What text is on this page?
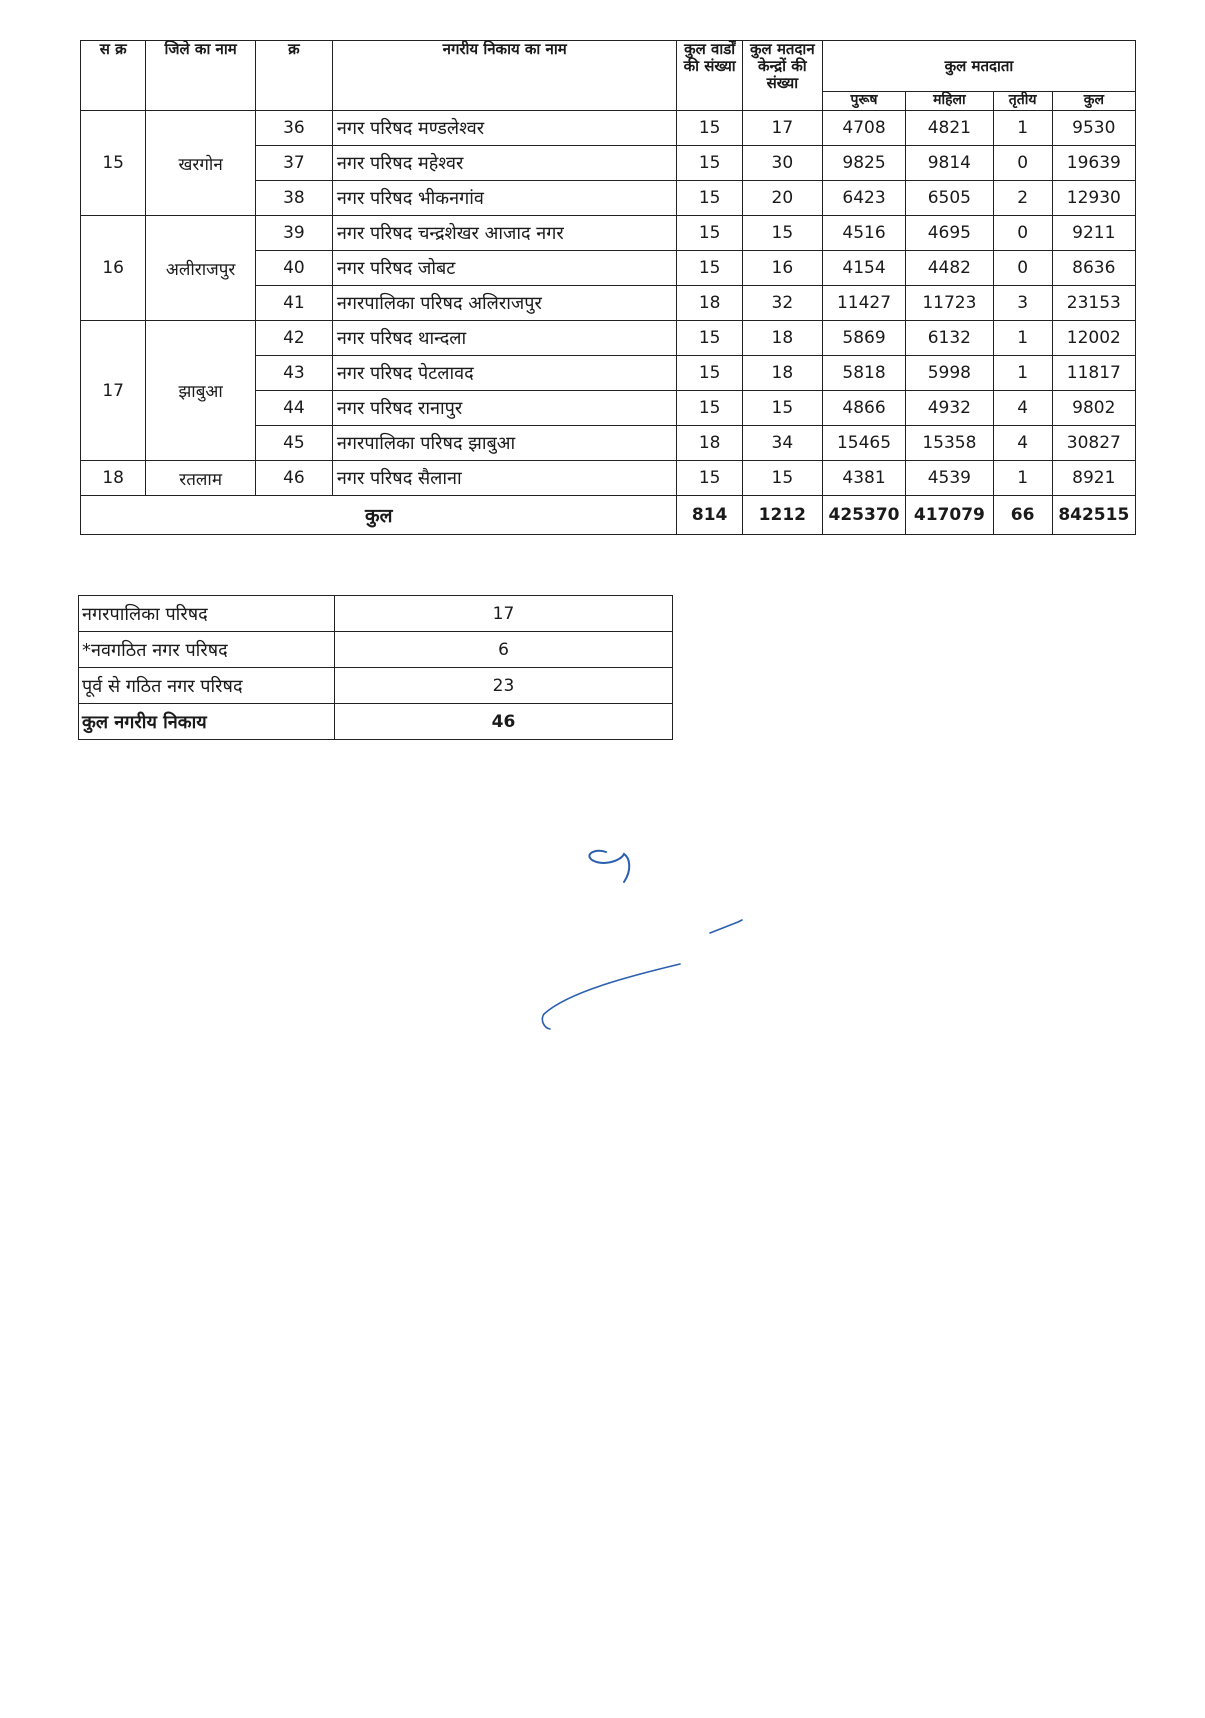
स क्र	जिले का नाम	क्र	नगरीय निकाय का नाम	कुल वार्डों की संख्या	कुल मतदान केन्द्रों की संख्या	कुल मतदाता			
						पुरूष	महिला	तृतीय	कुल
15	खरगोन	36	नगर परिषद मण्डलेश्वर	15	17	4708	4821	1	9530
		37	नगर परिषद महेश्वर	15	30	9825	9814	0	19639
		38	नगर परिषद भीकनगांव	15	20	6423	6505	2	12930
16	अलीराजपुर	39	नगर परिषद चन्द्रशेखर आजाद नगर	15	15	4516	4695	0	9211
		40	नगर परिषद जोबट	15	16	4154	4482	0	8636
		41	नगरपालिका परिषद अलिराजपुर	18	32	11427	11723	3	23153
17	झाबुआ	42	नगर परिषद थान्दला	15	18	5869	6132	1	12002
		43	नगर परिषद पेटलावद	15	18	5818	5998	1	11817
		44	नगर परिषद रानापुर	15	15	4866	4932	4	9802
		45	नगरपालिका परिषद झाबुआ	18	34	15465	15358	4	30827
18	रतलाम	46	नगर परिषद सैलाना	15	15	4381	4539	1	8921
कुल				814	1212	425370	417079	66	842515
नगरपालिका परिषद	17
*नवगठित नगर परिषद	6
पूर्व से गठित नगर परिषद	23
कुल नगरीय निकाय	46
